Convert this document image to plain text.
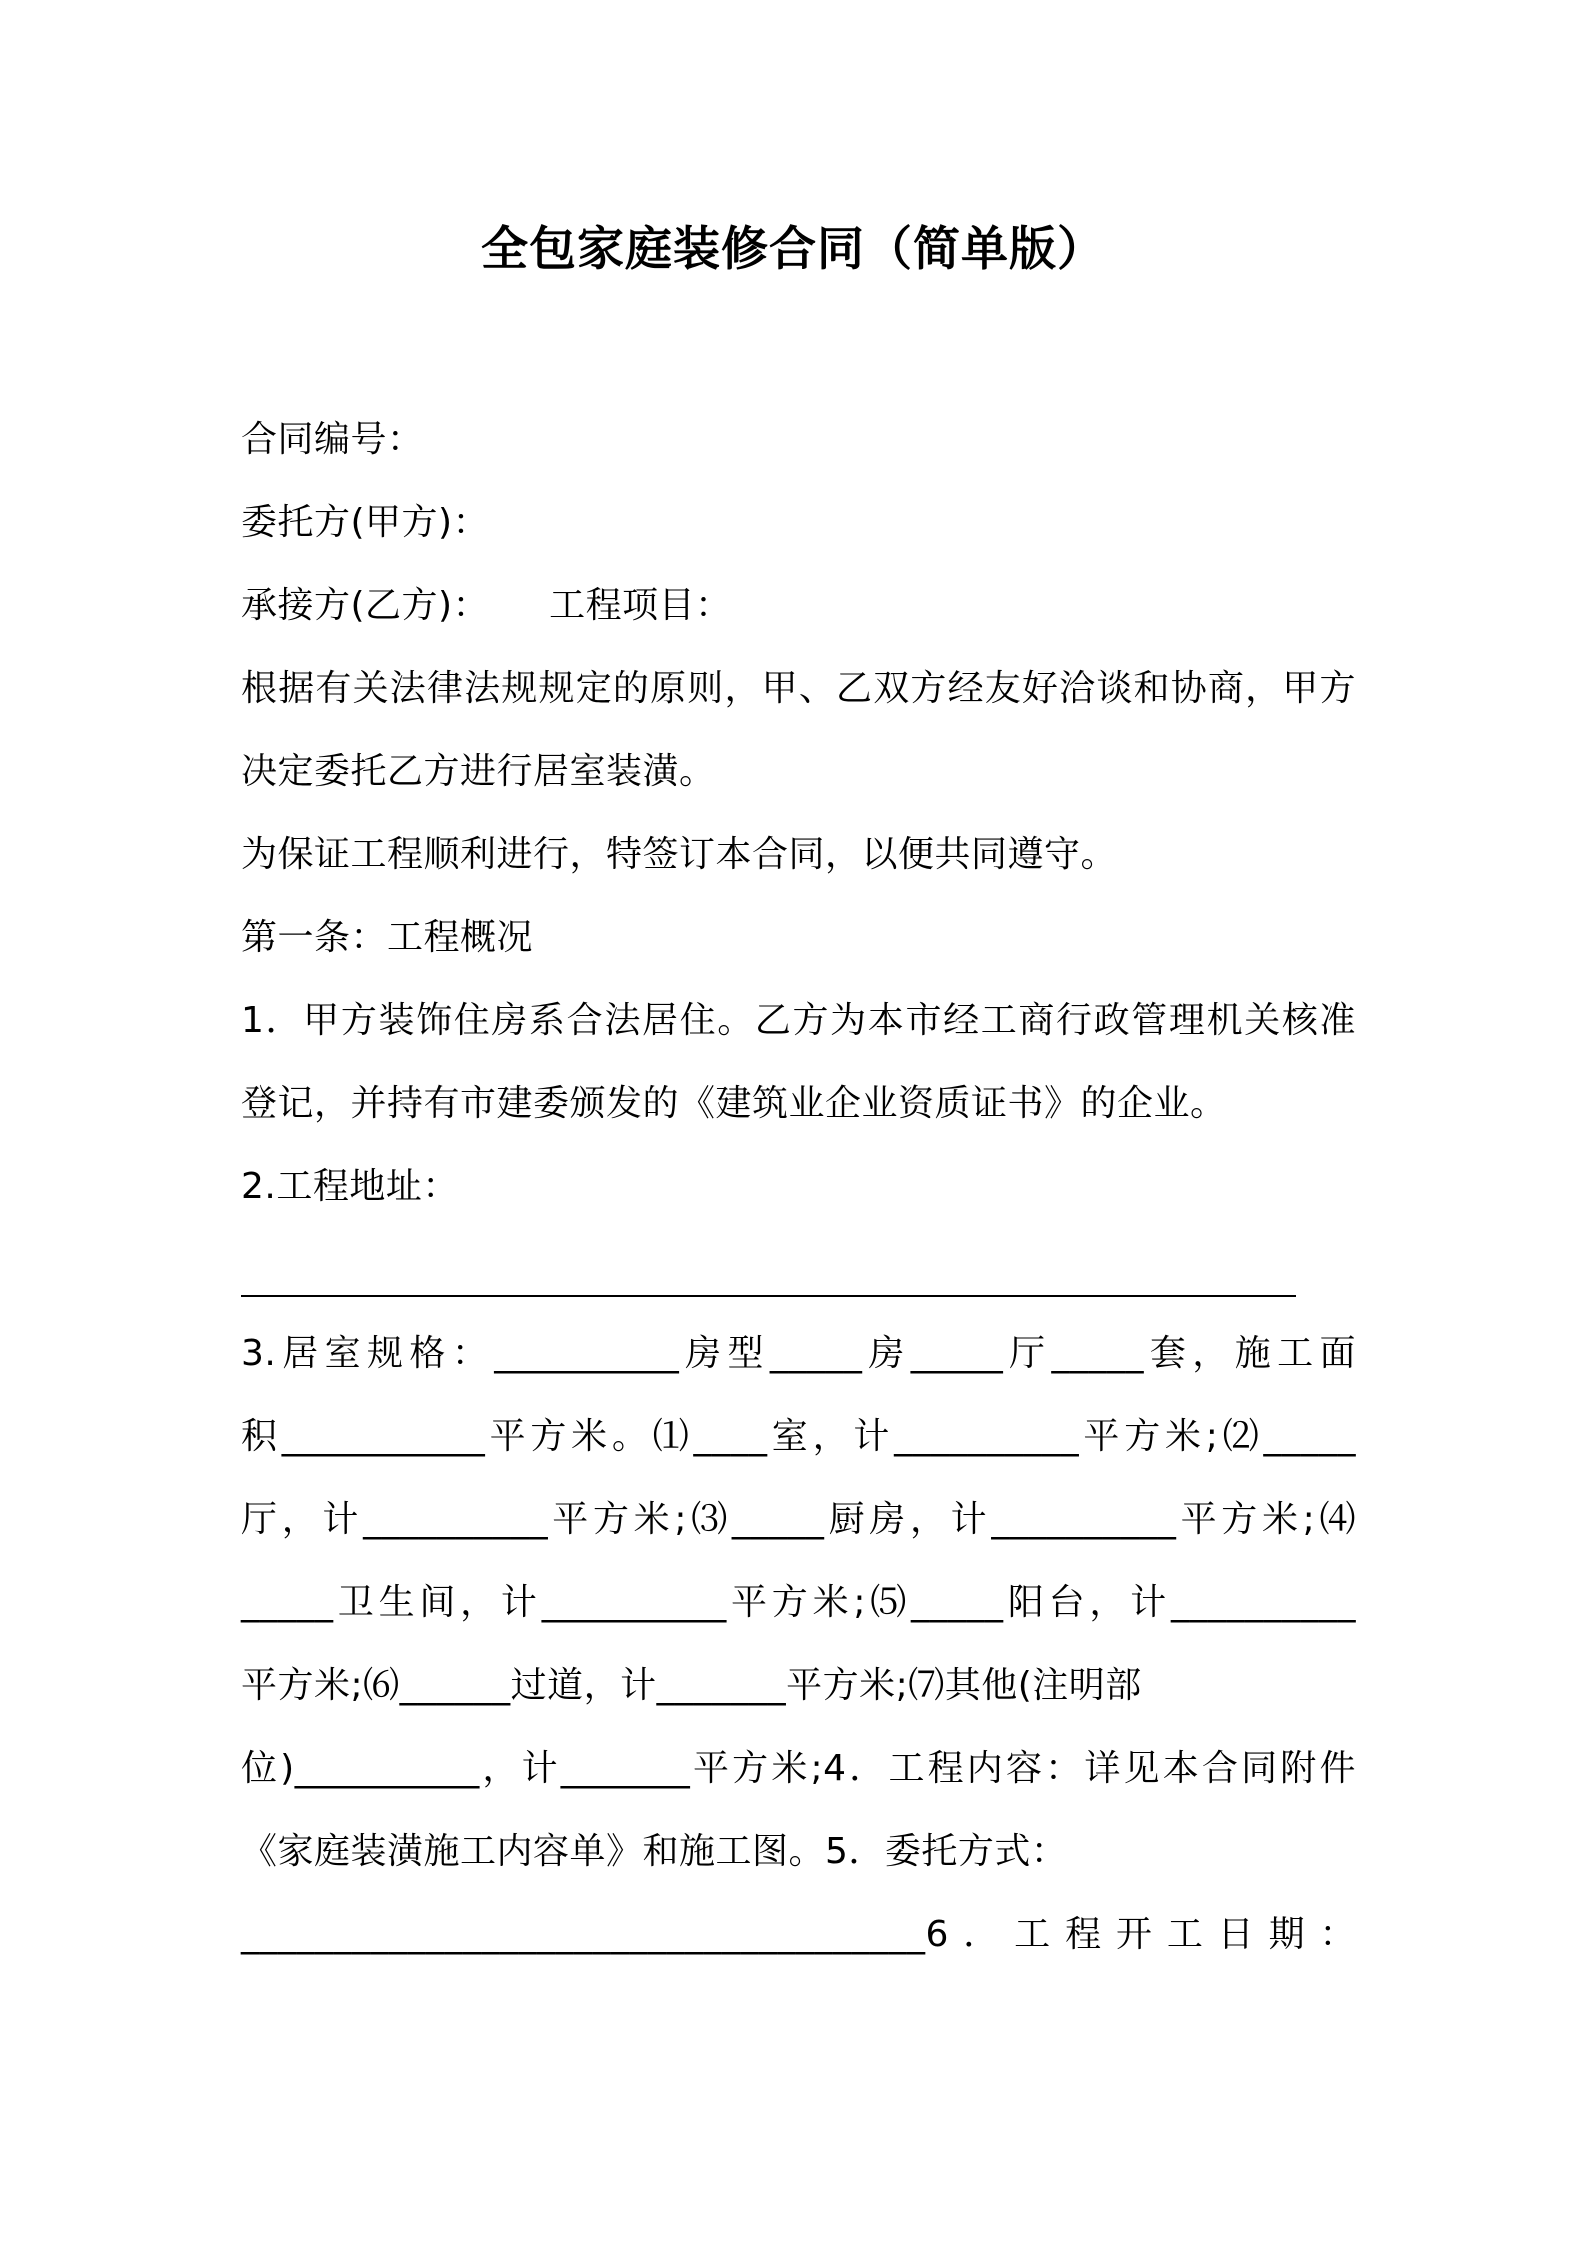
全包家庭装修合同（简单版）
合同编号：
委托方(甲方)：
承接方(乙方)： 工程项目：
根据有关法律法规规定的原则，甲、乙双方经友好洽谈和协商，甲方
决定委托乙方进行居室装潢。
为保证工程顺利进行，特签订本合同，以便共同遵守。
第一条：工程概况
1．甲方装饰住房系合法居住。乙方为本市经工商行政管理机关核准
登记，并持有市建委颁发的《建筑业企业资质证书》的企业。
2.工程地址：
3.居室规格：__________房型_____房_____厅_____套，施工面
积___________平方米。⑴____室，计__________平方米;⑵_____
厅，计__________平方米;⑶_____厨房，计__________平方米;⑷
_____卫生间，计__________平方米;⑸_____阳台，计__________
平方米;⑹______过道，计_______平方米;⑺其他(注明部
位)__________，计_______平方米;4．工程内容：详见本合同附件
《家庭装潢施工内容单》和施工图。5．委托方式：
_____________________________________6．工程开工日期：
